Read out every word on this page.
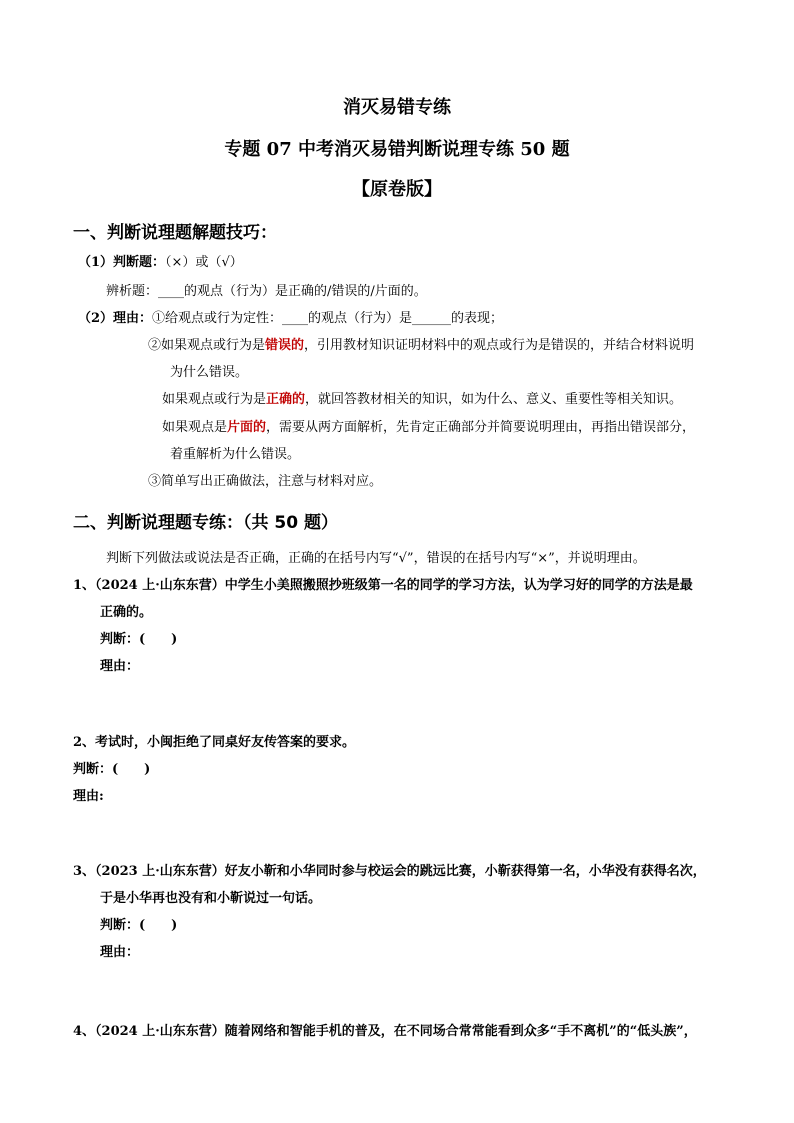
消灭易错专练
专题 07 中考消灭易错判断说理专练 50 题
【原卷版】
一、判断说理题解题技巧：
（1）判断题：（×）或（√）
辨析题：____的观点（行为）是正确的/错误的/片面的。
（2）理由：①给观点或行为定性：____的观点（行为）是______的表现；
②如果观点或行为是错误的，引用教材知识证明材料中的观点或行为是错误的，并结合材料说明
为什么错误。
如果观点或行为是正确的，就回答教材相关的知识，如为什么、意义、重要性等相关知识。
如果观点是片面的，需要从两方面解析，先肯定正确部分并简要说明理由，再指出错误部分，
着重解析为什么错误。
③简单写出正确做法，注意与材料对应。
二、判断说理题专练：（共 50 题）
判断下列做法或说法是否正确，正确的在括号内写“√”，错误的在括号内写“×”，并说明理由。
1、（2024 上·山东东营）中学生小美照搬照抄班级第一名的同学的学习方法，认为学习好的同学的方法是最
正确的。
判断：(　　)
理由：
2、考试时，小闽拒绝了同桌好友传答案的要求。
判断：(　　)
理由:
3、（2023 上·山东东营）好友小靳和小华同时参与校运会的跳远比赛，小靳获得第一名，小华没有获得名次，
于是小华再也没有和小靳说过一句话。
判断：(　　)
理由：
4、（2024 上·山东东营）随着网络和智能手机的普及，在不同场合常常能看到众多“手不离机”的“低头族”，
